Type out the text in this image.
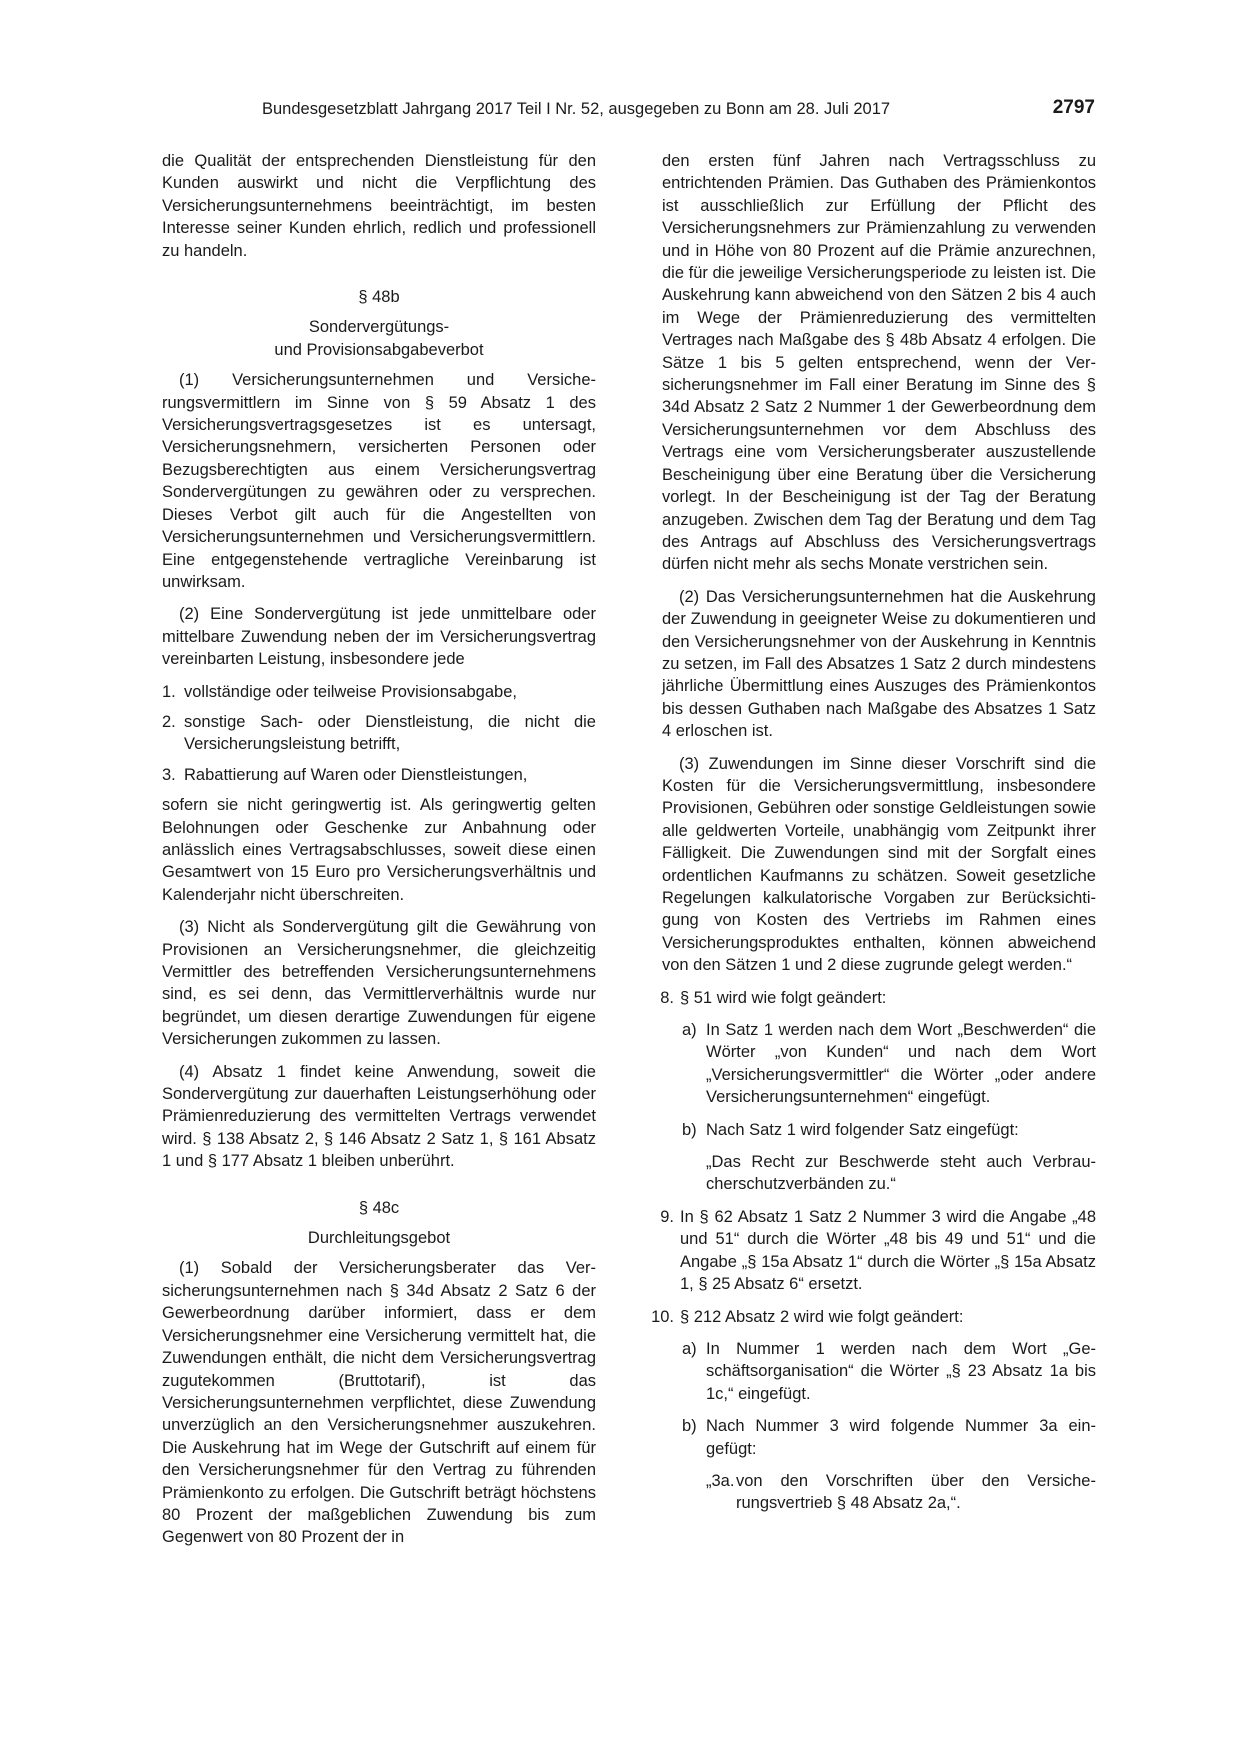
Bundesgesetzblatt Jahrgang 2017 Teil I Nr. 52, ausgegeben zu Bonn am 28. Juli 2017	2797

die Qualität der entsprechenden Dienstleistung für den Kunden auswirkt und nicht die Verpflichtung des Versicherungsunternehmens beeinträchtigt, im besten Interesse seiner Kunden ehrlich, redlich und professionell zu handeln.

§ 48b
Sondervergütungs-
und Provisionsabgabeverbot

(1) Versicherungsunternehmen und Versicherungsvermittlern im Sinne von § 59 Absatz 1 des Versicherungsvertragsgesetzes ist es untersagt, Versicherungsnehmern, versicherten Personen oder Bezugsberechtigten aus einem Versicherungsvertrag Sondervergütungen zu gewähren oder zu versprechen. Dieses Verbot gilt auch für die Angestellten von Versicherungsunternehmen und Versicherungsvermittlern. Eine entgegenstehende vertragliche Vereinbarung ist unwirksam.

(2) Eine Sondervergütung ist jede unmittelbare oder mittelbare Zuwendung neben der im Versicherungsvertrag vereinbarten Leistung, insbesondere jede

1. vollständige oder teilweise Provisionsabgabe,
2. sonstige Sach- oder Dienstleistung, die nicht die Versicherungsleistung betrifft,
3. Rabattierung auf Waren oder Dienstleistungen,

sofern sie nicht geringwertig ist. Als geringwertig gelten Belohnungen oder Geschenke zur Anbahnung oder anlässlich eines Vertragsabschlusses, soweit diese einen Gesamtwert von 15 Euro pro Versicherungsverhältnis und Kalenderjahr nicht überschreiten.

(3) Nicht als Sondervergütung gilt die Gewährung von Provisionen an Versicherungsnehmer, die gleichzeitig Vermittler des betreffenden Versicherungsunternehmens sind, es sei denn, das Vermittlerverhältnis wurde nur begründet, um diesen derartige Zuwendungen für eigene Versicherungen zukommen zu lassen.

(4) Absatz 1 findet keine Anwendung, soweit die Sondervergütung zur dauerhaften Leistungserhöhung oder Prämienreduzierung des vermittelten Vertrags verwendet wird. § 138 Absatz 2, § 146 Absatz 2 Satz 1, § 161 Absatz 1 und § 177 Absatz 1 bleiben unberührt.

§ 48c
Durchleitungsgebot

(1) Sobald der Versicherungsberater das Versicherungsunternehmen nach § 34d Absatz 2 Satz 6 der Gewerbeordnung darüber informiert, dass er dem Versicherungsnehmer eine Versicherung vermittelt hat, die Zuwendungen enthält, die nicht dem Versicherungsvertrag zugutekommen (Bruttotarif), ist das Versicherungsunternehmen verpflichtet, diese Zuwendung unverzüglich an den Versicherungsnehmer auszukehren. Die Auskehrung hat im Wege der Gutschrift auf einem für den Versicherungsnehmer für den Vertrag zu führenden Prämienkonto zu erfolgen. Die Gutschrift beträgt höchstens 80 Prozent der maßgeblichen Zuwendung bis zum Gegenwert von 80 Prozent der in

den ersten fünf Jahren nach Vertragsschluss zu entrichtenden Prämien. Das Guthaben des Prämienkontos ist ausschließlich zur Erfüllung der Pflicht des Versicherungsnehmers zur Prämienzahlung zu verwenden und in Höhe von 80 Prozent auf die Prämie anzurechnen, die für die jeweilige Versicherungsperiode zu leisten ist. Die Auskehrung kann abweichend von den Sätzen 2 bis 4 auch im Wege der Prämienreduzierung des vermittelten Vertrages nach Maßgabe des § 48b Absatz 4 erfolgen. Die Sätze 1 bis 5 gelten entsprechend, wenn der Versicherungsnehmer im Fall einer Beratung im Sinne des § 34d Absatz 2 Satz 2 Nummer 1 der Gewerbeordnung dem Versicherungsunternehmen vor dem Abschluss des Vertrags eine vom Versicherungsberater auszustellende Bescheinigung über eine Beratung über die Versicherung vorlegt. In der Bescheinigung ist der Tag der Beratung anzugeben. Zwischen dem Tag der Beratung und dem Tag des Antrags auf Abschluss des Versicherungsvertrags dürfen nicht mehr als sechs Monate verstrichen sein.

(2) Das Versicherungsunternehmen hat die Auskehrung der Zuwendung in geeigneter Weise zu dokumentieren und den Versicherungsnehmer von der Auskehrung in Kenntnis zu setzen, im Fall des Absatzes 1 Satz 2 durch mindestens jährliche Übermittlung eines Auszuges des Prämienkontos bis dessen Guthaben nach Maßgabe des Absatzes 1 Satz 4 erloschen ist.

(3) Zuwendungen im Sinne dieser Vorschrift sind die Kosten für die Versicherungsvermittlung, insbesondere Provisionen, Gebühren oder sonstige Geldleistungen sowie alle geldwerten Vorteile, unabhängig vom Zeitpunkt ihrer Fälligkeit. Die Zuwendungen sind mit der Sorgfalt eines ordentlichen Kaufmanns zu schätzen. Soweit gesetzliche Regelungen kalkulatorische Vorgaben zur Berücksichtigung von Kosten des Vertriebs im Rahmen eines Versicherungsproduktes enthalten, können abweichend von den Sätzen 1 und 2 diese zugrunde gelegt werden.“

8. § 51 wird wie folgt geändert:
a) In Satz 1 werden nach dem Wort „Beschwerden“ die Wörter „von Kunden“ und nach dem Wort „Versicherungsvermittler“ die Wörter „oder andere Versicherungsunternehmen“ eingefügt.
b) Nach Satz 1 wird folgender Satz eingefügt:
„Das Recht zur Beschwerde steht auch Verbraucherschutzverbänden zu.“
9. In § 62 Absatz 1 Satz 2 Nummer 3 wird die Angabe „48 und 51“ durch die Wörter „48 bis 49 und 51“ und die Angabe „§ 15a Absatz 1“ durch die Wörter „§ 15a Absatz 1, § 25 Absatz 6“ ersetzt.
10. § 212 Absatz 2 wird wie folgt geändert:
a) In Nummer 1 werden nach dem Wort „Geschäftsorganisation“ die Wörter „§ 23 Absatz 1a bis 1c,“ eingefügt.
b) Nach Nummer 3 wird folgende Nummer 3a eingefügt:
„3a. von den Vorschriften über den Versicherungsvertrieb § 48 Absatz 2a,“.
